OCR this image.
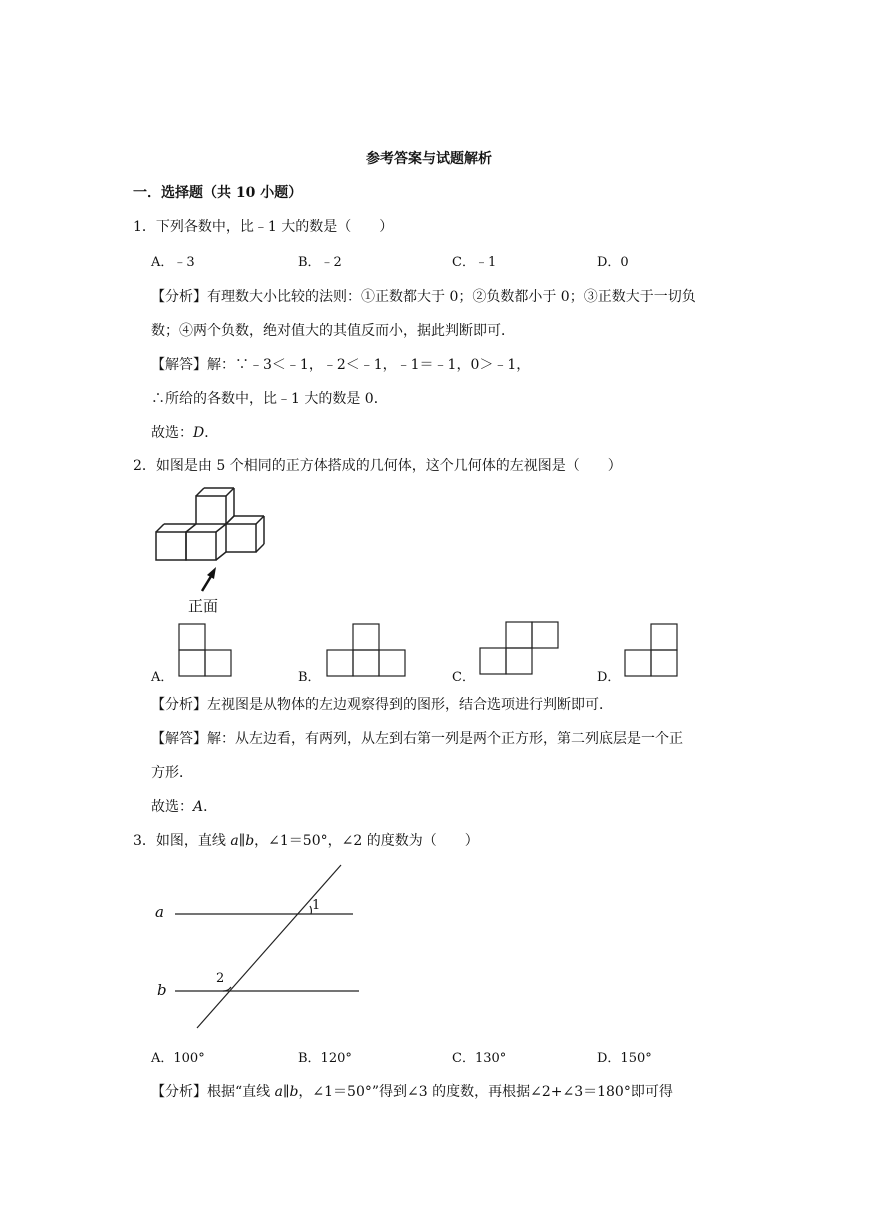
参考答案与试题解析
一．选择题（共 10 小题）
1．下列各数中，比﹣1 大的数是（　　）
A．﹣3	B．﹣2	C．﹣1	D．0
【分析】有理数大小比较的法则：①正数都大于 0；②负数都小于 0；③正数大于一切负
数；④两个负数，绝对值大的其值反而小，据此判断即可．
【解答】解：∵﹣3＜﹣1，﹣2＜﹣1，﹣1＝﹣1，0＞﹣1，
∴所给的各数中，比﹣1 大的数是 0．
故选：D．
2．如图是由 5 个相同的正方体搭成的几何体，这个几何体的左视图是（　　）
正面
A．	B．	C．	D．
【分析】左视图是从物体的左边观察得到的图形，结合选项进行判断即可．
【解答】解：从左边看，有两列，从左到右第一列是两个正方形，第二列底层是一个正
方形．
故选：A．
3．如图，直线 a∥b，∠1＝50°，∠2 的度数为（　　）
a
b
1
2
A．100°	B．120°	C．130°	D．150°
【分析】根据“直线 a∥b，∠1＝50°”得到∠3 的度数，再根据∠2+∠3＝180°即可得
